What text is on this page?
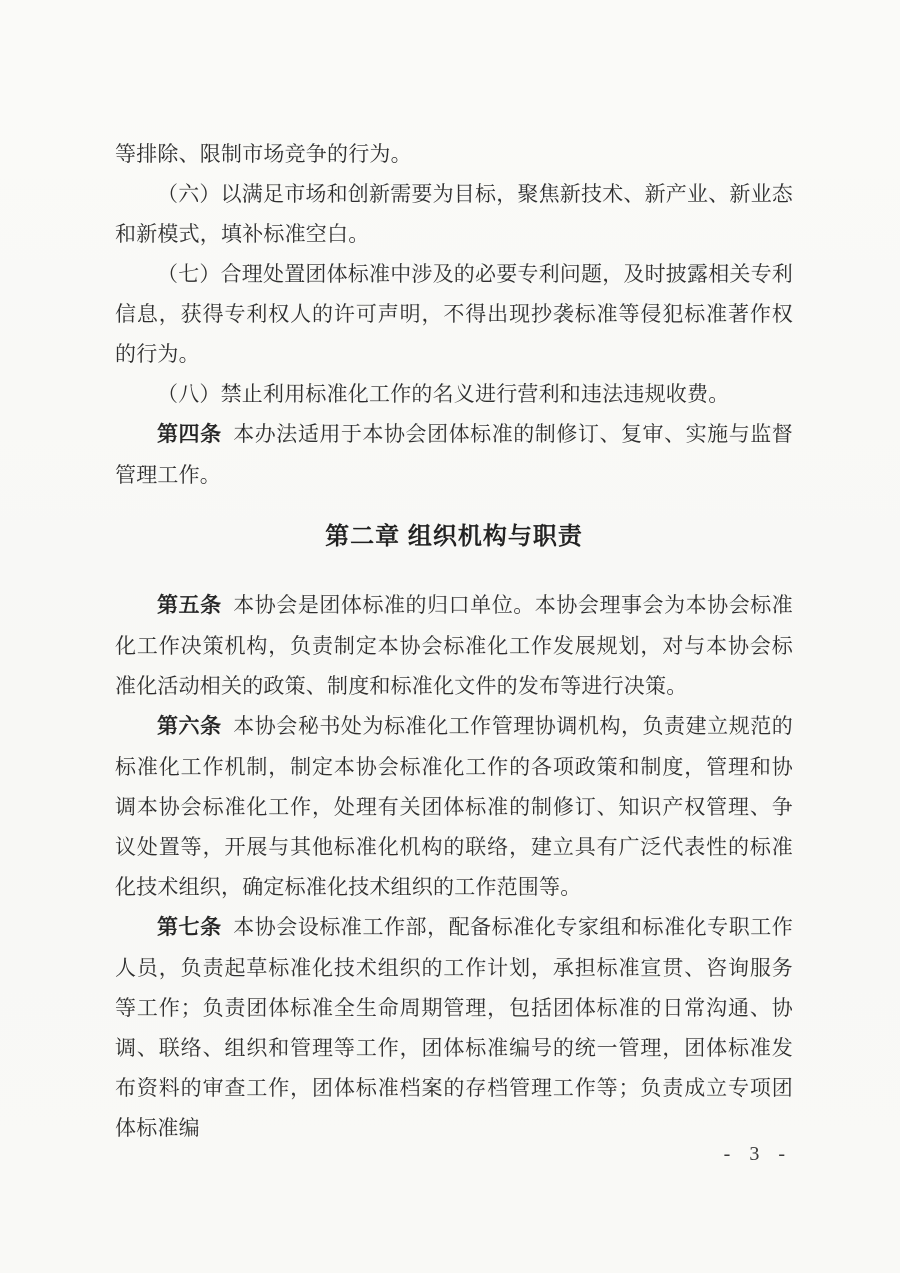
等排除、限制市场竞争的行为。

（六）以满足市场和创新需要为目标，聚焦新技术、新产业、新业态和新模式，填补标准空白。

（七）合理处置团体标准中涉及的必要专利问题，及时披露相关专利信息，获得专利权人的许可声明，不得出现抄袭标准等侵犯标准著作权的行为。

（八）禁止利用标准化工作的名义进行营利和违法违规收费。

第四条 本办法适用于本协会团体标准的制修订、复审、实施与监督管理工作。

第二章 组织机构与职责

第五条 本协会是团体标准的归口单位。本协会理事会为本协会标准化工作决策机构，负责制定本协会标准化工作发展规划，对与本协会标准化活动相关的政策、制度和标准化文件的发布等进行决策。

第六条 本协会秘书处为标准化工作管理协调机构，负责建立规范的标准化工作机制，制定本协会标准化工作的各项政策和制度，管理和协调本协会标准化工作，处理有关团体标准的制修订、知识产权管理、争议处置等，开展与其他标准化机构的联络，建立具有广泛代表性的标准化技术组织，确定标准化技术组织的工作范围等。

第七条 本协会设标准工作部，配备标准化专家组和标准化专职工作人员，负责起草标准化技术组织的工作计划，承担标准宣贯、咨询服务等工作；负责团体标准全生命周期管理，包括团体标准的日常沟通、协调、联络、组织和管理等工作，团体标准编号的统一管理，团体标准发布资料的审查工作，团体标准档案的存档管理工作等；负责成立专项团体标准编

- 3 -
